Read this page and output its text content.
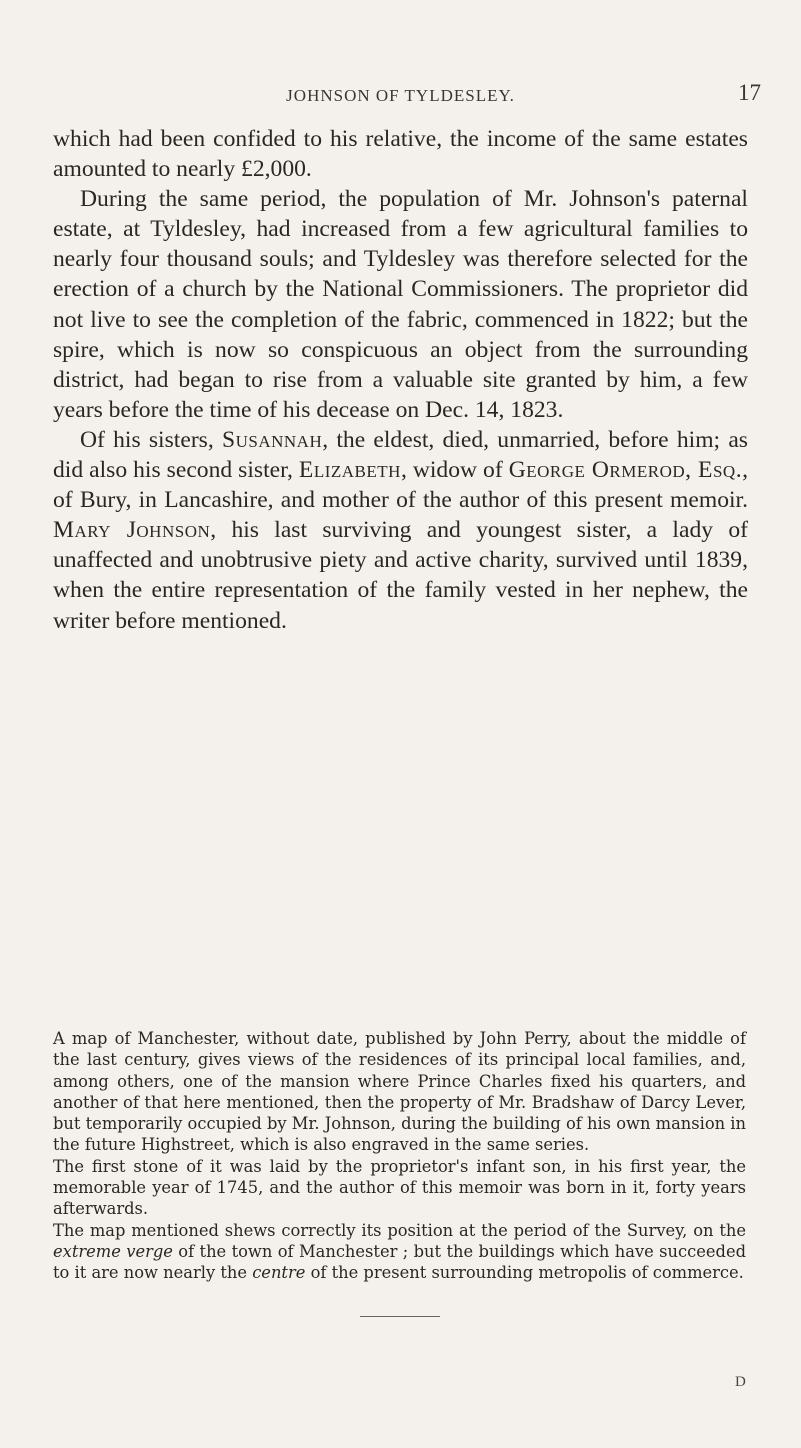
JOHNSON OF TYLDESLEY.	17

which had been confided to his relative, the income of the same estates amounted to nearly £2,000.

During the same period, the population of Mr. Johnson's paternal estate, at Tyldesley, had increased from a few agricultural families to nearly four thousand souls; and Tyldesley was therefore selected for the erection of a church by the National Commissioners. The proprietor did not live to see the completion of the fabric, commenced in 1822; but the spire, which is now so conspicuous an object from the surrounding district, had began to rise from a valuable site granted by him, a few years before the time of his decease on Dec. 14, 1823.

Of his sisters, Susannah, the eldest, died, unmarried, before him; as did also his second sister, Elizabeth, widow of George Ormerod, Esq., of Bury, in Lancashire, and mother of the author of this present memoir. Mary Johnson, his last surviving and youngest sister, a lady of unaffected and unobtrusive piety and active charity, survived until 1839, when the entire representation of the family vested in her nephew, the writer before mentioned.

A map of Manchester, without date, published by John Perry, about the middle of the last century, gives views of the residences of its principal local families, and, among others, one of the mansion where Prince Charles fixed his quarters, and another of that here mentioned, then the property of Mr. Bradshaw of Darcy Lever, but temporarily occupied by Mr. Johnson, during the building of his own mansion in the future Highstreet, which is also engraved in the same series.

The first stone of it was laid by the proprietor's infant son, in his first year, the memorable year of 1745, and the author of this memoir was born in it, forty years afterwards.

The map mentioned shews correctly its position at the period of the Survey, on the extreme verge of the town of Manchester ; but the buildings which have succeeded to it are now nearly the centre of the present surrounding metropolis of commerce.

D
